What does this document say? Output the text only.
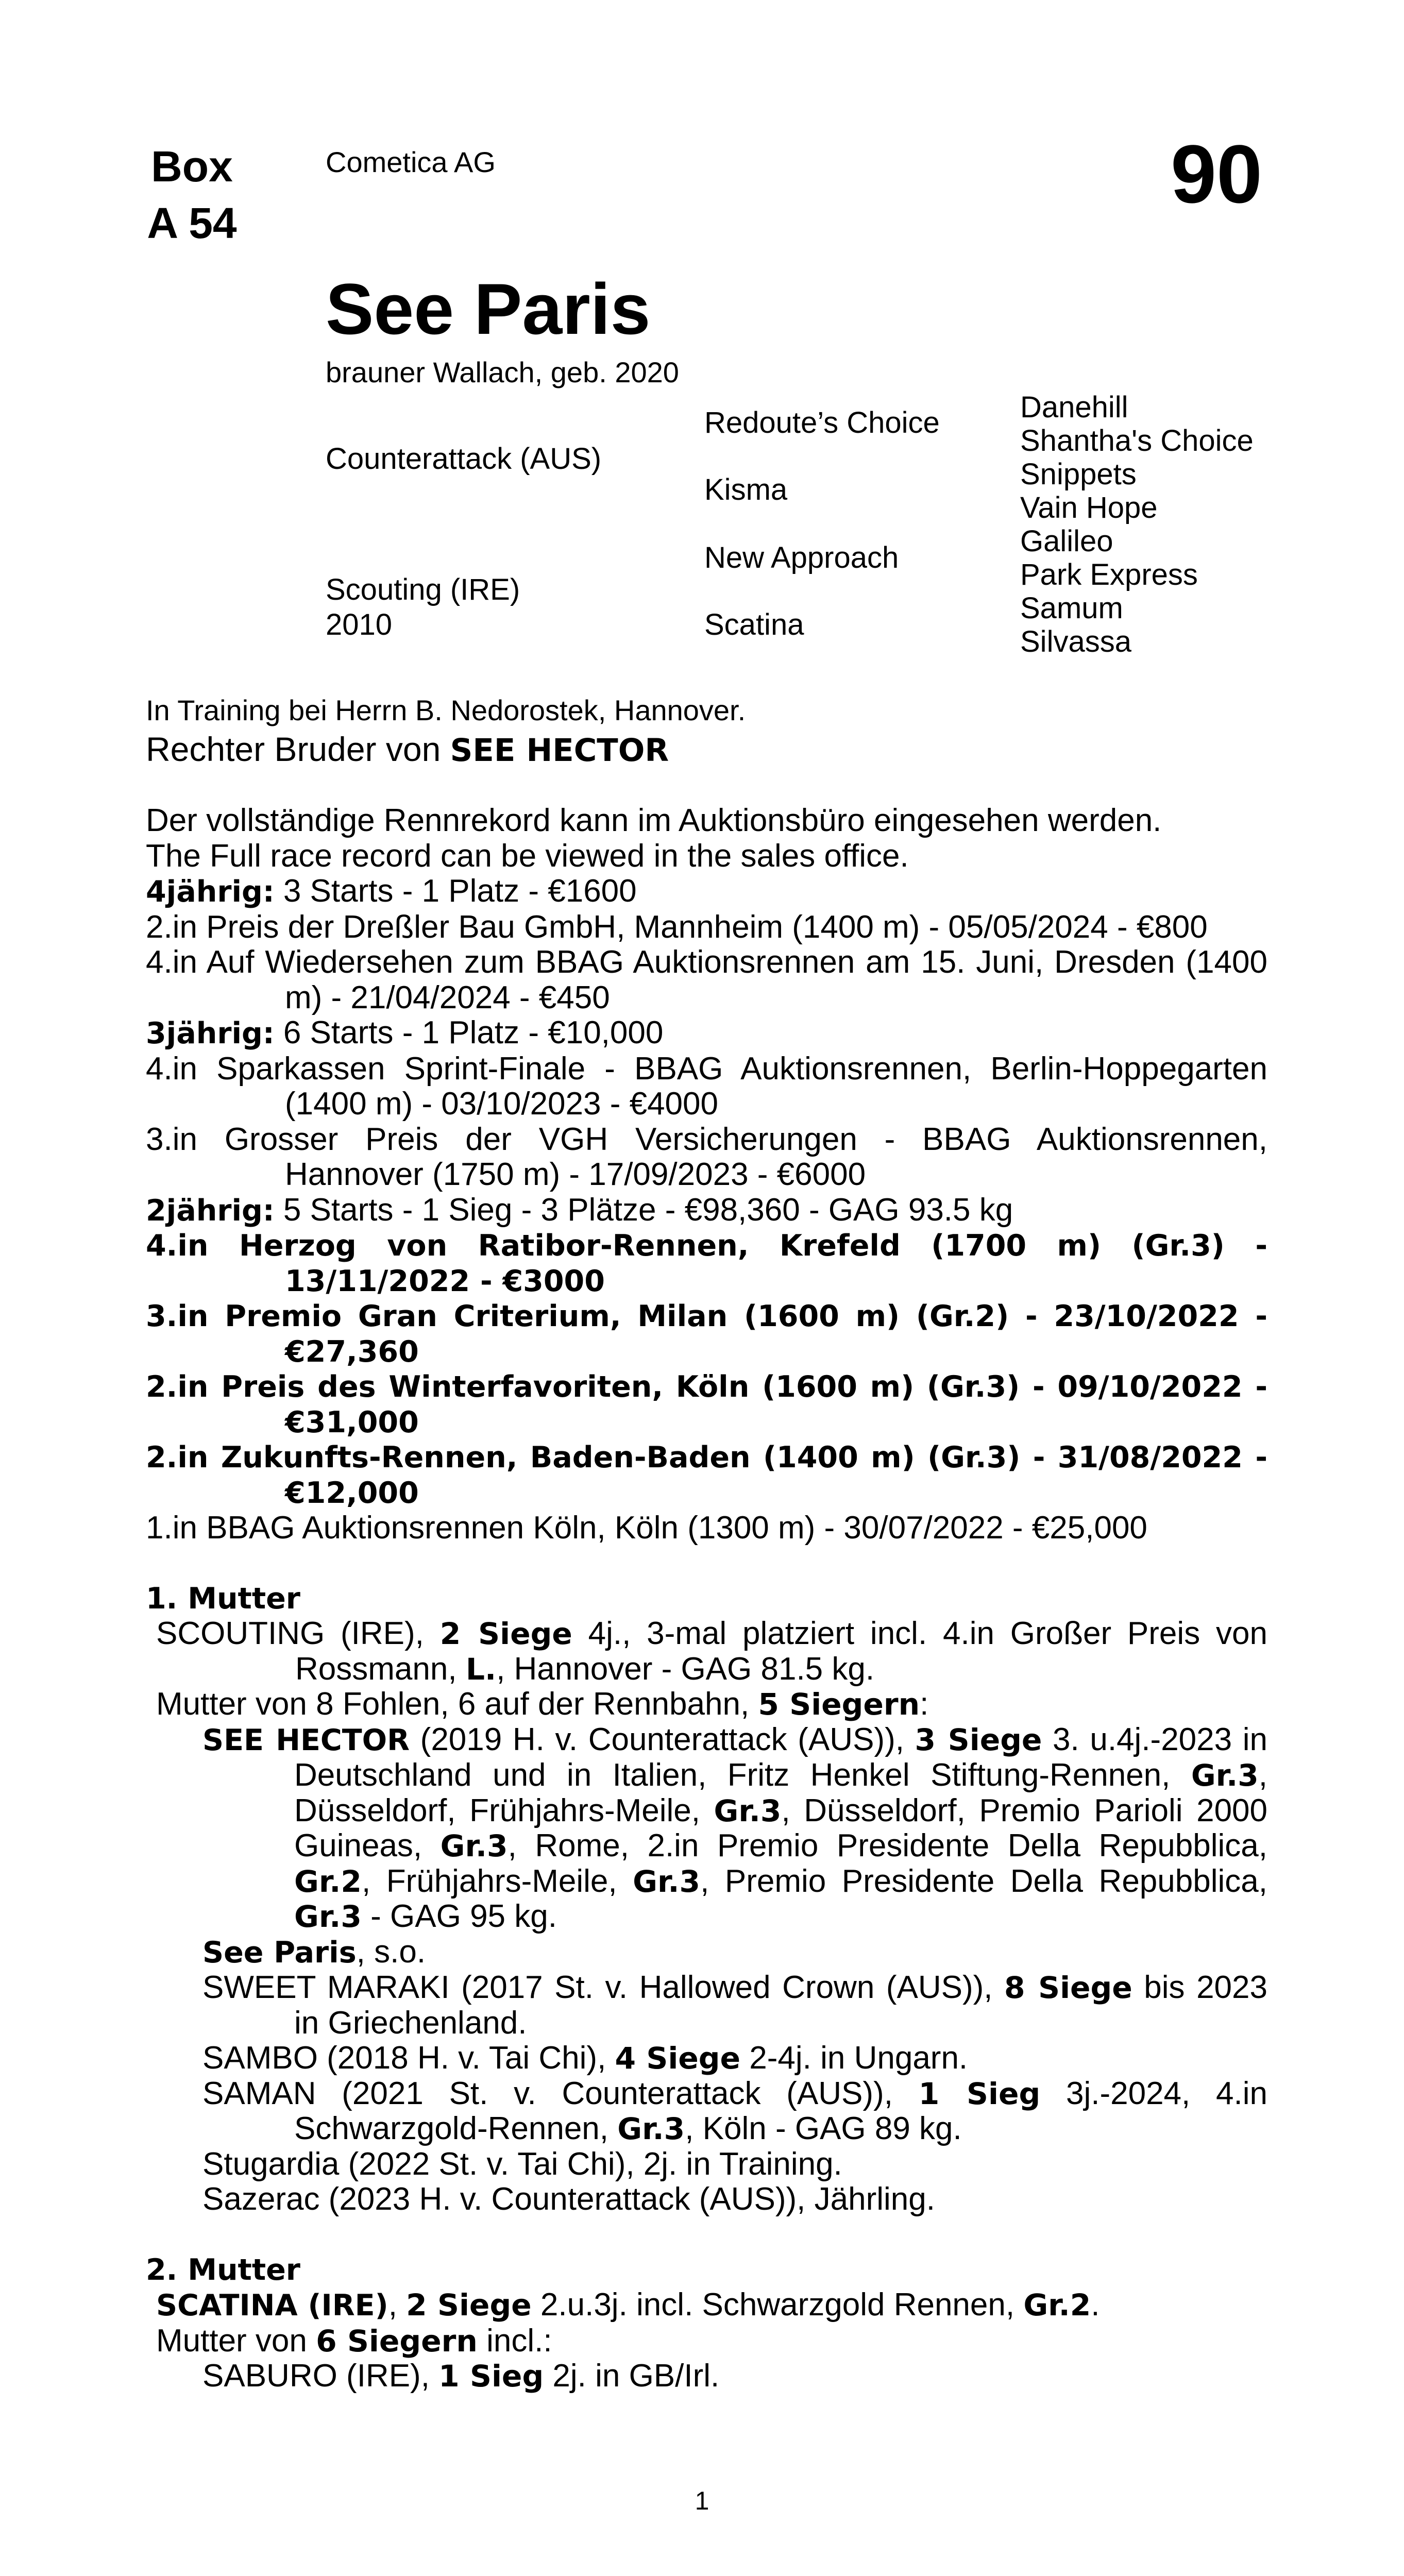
Box
A 54
Cometica AG	90
See Paris
brauner Wallach, geb. 2020
Counterattack (AUS)
Scouting (IRE)
2010
Redoute’s Choice
Kisma
New Approach
Scatina
Danehill
Shantha's Choice
Snippets
Vain Hope
Galileo
Park Express
Samum
Silvassa
In Training bei Herrn B. Nedorostek, Hannover.
Rechter Bruder von SEE HECTOR
Der vollständige Rennrekord kann im Auktionsbüro eingesehen werden.
The Full race record can be viewed in the sales office.
4jährig: 3 Starts - 1 Platz - €1600
2.in Preis der Dreßler Bau GmbH, Mannheim (1400 m) - 05/05/2024 - €800
4.in Auf Wiedersehen zum BBAG Auktionsrennen am 15. Juni, Dresden (1400 m) - 21/04/2024 - €450
3jährig: 6 Starts - 1 Platz - €10,000
4.in Sparkassen Sprint-Finale - BBAG Auktionsrennen, Berlin-Hoppegarten (1400 m) - 03/10/2023 - €4000
3.in Grosser Preis der VGH Versicherungen - BBAG Auktionsrennen, Hannover (1750 m) - 17/09/2023 - €6000
2jährig: 5 Starts - 1 Sieg - 3 Plätze - €98,360 - GAG 93.5 kg
4.in Herzog von Ratibor-Rennen, Krefeld (1700 m) (Gr.3) - 13/11/2022 - €3000
3.in Premio Gran Criterium, Milan (1600 m) (Gr.2) - 23/10/2022 - €27,360
2.in Preis des Winterfavoriten, Köln (1600 m) (Gr.3) - 09/10/2022 - €31,000
2.in Zukunfts-Rennen, Baden-Baden (1400 m) (Gr.3) - 31/08/2022 - €12,000
1.in BBAG Auktionsrennen Köln, Köln (1300 m) - 30/07/2022 - €25,000
1. Mutter
SCOUTING (IRE), 2 Siege 4j., 3-mal platziert incl. 4.in Großer Preis von Rossmann, L., Hannover - GAG 81.5 kg.
Mutter von 8 Fohlen, 6 auf der Rennbahn, 5 Siegern:
SEE HECTOR (2019 H. v. Counterattack (AUS)), 3 Siege 3. u.4j.-2023 in Deutschland und in Italien, Fritz Henkel Stiftung-Rennen, Gr.3, Düsseldorf, Frühjahrs-Meile, Gr.3, Düsseldorf, Premio Parioli 2000 Guineas, Gr.3, Rome, 2.in Premio Presidente Della Repubblica, Gr.2, Frühjahrs-Meile, Gr.3, Premio Presidente Della Repubblica, Gr.3 - GAG 95 kg.
See Paris, s.o.
SWEET MARAKI (2017 St. v. Hallowed Crown (AUS)), 8 Siege bis 2023 in Griechenland.
SAMBO (2018 H. v. Tai Chi), 4 Siege 2-4j. in Ungarn.
SAMAN (2021 St. v. Counterattack (AUS)), 1 Sieg 3j.-2024, 4.in Schwarzgold-Rennen, Gr.3, Köln - GAG 89 kg.
Stugardia (2022 St. v. Tai Chi), 2j. in Training.
Sazerac (2023 H. v. Counterattack (AUS)), Jährling.
2. Mutter
SCATINA (IRE), 2 Siege 2.u.3j. incl. Schwarzgold Rennen, Gr.2.
Mutter von 6 Siegern incl.:
SABURO (IRE), 1 Sieg 2j. in GB/Irl.
1
